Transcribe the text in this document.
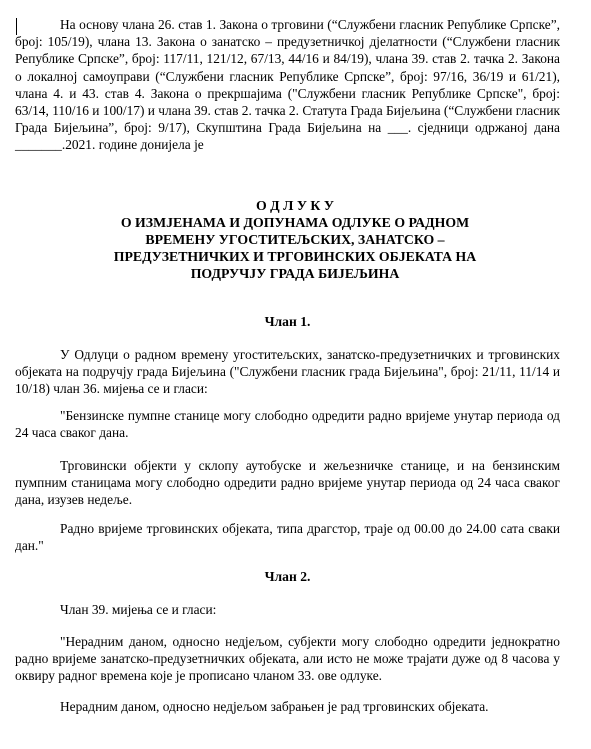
На основу члана 26. став 1. Закона о трговини (“Службени гласник Републике Српске”, број: 105/19), члана 13. Закона о занатско – предузетничкој дјелатности (“Службени гласник Републике Српске”, број: 117/11, 121/12, 67/13, 44/16 и 84/19), члана 39. став 2. тачка 2. Закона о локалној самоуправи (“Службени гласник Републике Српске”, број: 97/16, 36/19 и 61/21), члана 4. и 43. став 4. Закона о прекршајима ("Службени гласник Републике Српске", број: 63/14, 110/16 и 100/17) и члана 39. став 2. тачка 2. Статута Града Бијељина (“Службени гласник Града Бијељина”, број: 9/17), Скупштина Града Бијељина на ___. сједници одржаној дана _______.2021. године донијела је

О Д Л У К У

О ИЗМЈЕНАМА И ДОПУНАМА ОДЛУКЕ О РАДНОМ

ВРЕМЕНУ УГОСТИТЕЉСКИХ, ЗАНАТСКО –

ПРЕДУЗЕТНИЧКИХ И ТРГОВИНСКИХ ОБЈЕКАТА НА

ПОДРУЧЈУ ГРАДА БИЈЕЉИНА

Члан 1.

У Одлуци о радном времену угоститељских, занатско-предузетничких и трговинских објеката на подручју града Бијељина ("Службени гласник града Бијељина", број: 21/11, 11/14 и 10/18) члан 36. мијења се и гласи:

"Бензинске пумпне станице могу слободно одредити радно вријеме унутар периода од 24 часа сваког дана.

Трговински објекти у склопу аутобуске и жељезничке станице, и на бензинским пумпним станицама могу слободно одредити радно вријеме унутар периода од 24 часа сваког дана, изузев недеље.

Радно вријеме трговинских објеката, типа драгстор, траје од 00.00 до 24.00 сата сваки дан."

Члан 2.

Члан 39. мијења се и гласи:

"Нерадним даном, односно недјељом, субјекти могу слободно одредити једнократно радно вријеме занатско-предузетничких објеката, али исто не може трајати дуже од 8 часова у оквиру радног времена које је прописано чланом 33. ове одлуке.

Нерадним даном, односно недјељом забрањен је рад трговинских објеката.
